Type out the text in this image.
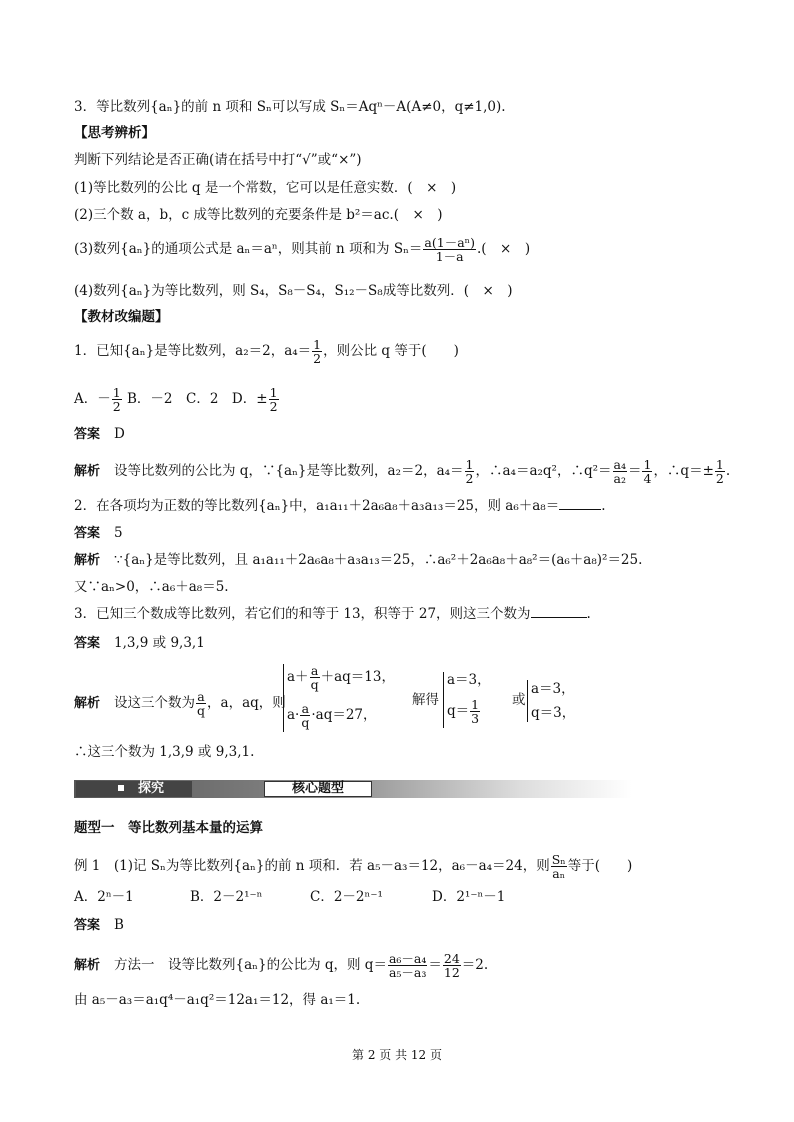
3．等比数列{aₙ}的前 n 项和 Sₙ可以写成 Sₙ＝Aqⁿ－A(A≠0，q≠1,0).
【思考辨析】
判断下列结论是否正确(请在括号中打“√”或“×”)
(1)等比数列的公比 q 是一个常数，它可以是任意实数．(　×　)
(2)三个数 a，b，c 成等比数列的充要条件是 b²＝ac.(　×　)
(3)数列{aₙ}的通项公式是 aₙ＝aⁿ，则其前 n 项和为 $S_n= \frac{\text{a(1－aⁿ)}}{1-a}$ .(　×　)
(4)数列{aₙ}为等比数列，则 S₄，S₈－S₄，S₁₂－S₈成等比数列．(　×　)
【教材改编题】
1．已知{aₙ}是等比数列，a₂＝2，$a_4= \frac{1}{2}$ ，则公比 q 等于(　　)
A．－ $\frac{1}{2}$ B．－2　C．2　D．± $\frac{1}{2}$
答案 D
解析 设等比数列的公比为 q，∵{aₙ}是等比数列，a₂＝2，$a_4= \frac{1}{2}$ ，∴a₄＝a₂q²，∴q²＝ $\frac{\text{a₄}}{\text{a₂}} = \frac{1}{4}$ ，∴q＝± $\frac{1}{2}$ .
2．在各项均为正数的等比数列{aₙ}中，a₁a₁₁＋2a₆a₈＋a₃a₁₃＝25，则 a₆＋a₈＝	.
答案 5
解析 ∵{aₙ}是等比数列，且 a₁a₁₁＋2a₆a₈＋a₃a₁₃＝25，∴a₆²＋2a₆a₈＋a₈²＝(a₆＋a₈)²＝25.
又∵aₙ>0，∴a₆＋a₈＝5.
3．已知三个数成等比数列，若它们的和等于 13，积等于 27，则这三个数为	.
答案 1,3,9 或 9,3,1
解析 设这三个数为 $\frac{a}{q}$ ，a，aq，则
$a+ \frac{a}{q} +aq=13$，
$a\cdot \frac{a}{q} \cdot aq=27$，
解得
a＝3，
$q= \frac{1}{3}$ 或
a＝3，
q＝3，
∴这三个数为 1,3,9 或 9,3,1.
探究	核心题型
题型一　等比数列基本量的运算
例 1　(1)记 Sₙ为等比数列{aₙ}的前 n 项和．若 a₅－a₃＝12，a₆－a₄＝24，则 $\frac{\text{Sₙ}}{\text{aₙ}}$ 等于(　　)
A．2ⁿ－1	B．2－2¹⁻ⁿ	C．2－2ⁿ⁻¹	D．2¹⁻ⁿ－1
答案 B
解析 方法一　设等比数列{aₙ}的公比为 q，则 $q= \frac{\text{a₆－a₄}}{\text{a₅－a₃}} = \frac{24}{12} =2$.
由 a₅－a₃＝a₁q⁴－a₁q²＝12a₁＝12，得 a₁＝1.
第 2 页 共 12 页
